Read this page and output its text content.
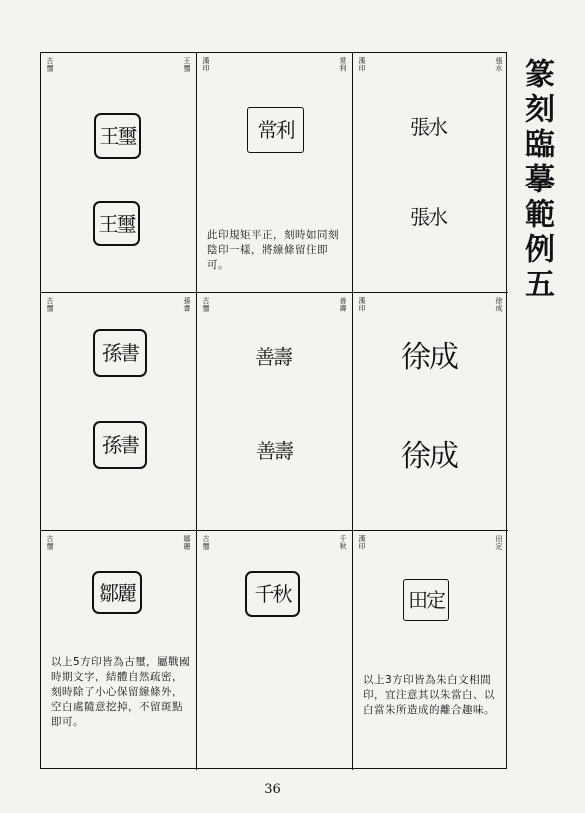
古璽	王璽
王璽
王璽
漢印	常利
常利
此印規矩平正，刻時如同刻陰印一樣，將線條留住即可。
漢印	張水
張水
張水
古璽	孫書
孫書
孫書
古璽	善壽
善壽
善壽
漢印	徐成
徐成
徐成
古璽	鄒麗
鄒麗
以上5方印皆為古璽，屬戰國時期文字，結體自然疏密，刻時除了小心保留線條外，空白處隨意挖掉，不留斑點即可。
古璽	千秋
千秋
漢印	田定
田定
以上3方印皆為朱白文相間印，宜注意其以朱當白、以白當朱所造成的離合趣味。
篆刻臨摹範例五
36
